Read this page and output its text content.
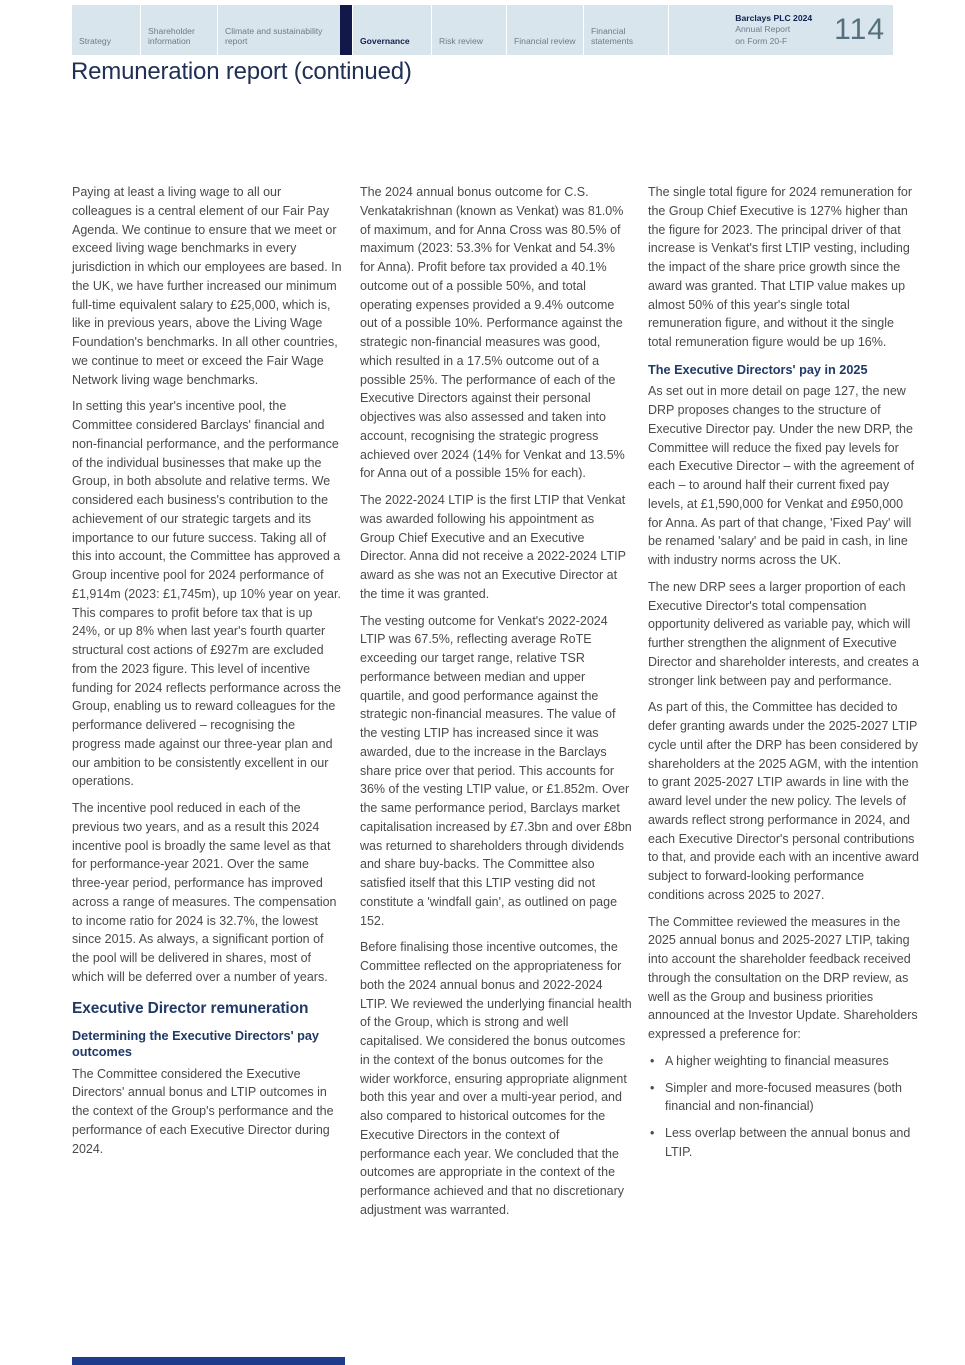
Strategy
Shareholder information
Climate and sustainability report	Governance	Risk review	Financial review
Financial statements
Barclays PLC 2024
Annual Report
on Form 20-F	114
Remuneration report (continued)

Paying at least a living wage to all our colleagues is a central element of our Fair Pay Agenda. We continue to ensure that we meet or exceed living wage benchmarks in every jurisdiction in which our employees are based. In the UK, we have further increased our minimum full-time equivalent salary to £25,000, which is, like in previous years, above the Living Wage Foundation's benchmarks. In all other countries, we continue to meet or exceed the Fair Wage Network living wage benchmarks.

In setting this year's incentive pool, the Committee considered Barclays' financial and non-financial performance, and the performance of the individual businesses that make up the Group, in both absolute and relative terms. We considered each business's contribution to the achievement of our strategic targets and its importance to our future success. Taking all of this into account, the Committee has approved a Group incentive pool for 2024 performance of £1,914m (2023: £1,745m), up 10% year on year. This compares to profit before tax that is up 24%, or up 8% when last year's fourth quarter structural cost actions of £927m are excluded from the 2023 figure. This level of incentive funding for 2024 reflects performance across the Group, enabling us to reward colleagues for the performance delivered – recognising the progress made against our three-year plan and our ambition to be consistently excellent in our operations.

The incentive pool reduced in each of the previous two years, and as a result this 2024 incentive pool is broadly the same level as that for performance-year 2021. Over the same three-year period, performance has improved across a range of measures. The compensation to income ratio for 2024 is 32.7%, the lowest since 2015. As always, a significant portion of the pool will be delivered in shares, most of which will be deferred over a number of years.

Executive Director remuneration
Determining the Executive Directors' pay outcomes

The Committee considered the Executive Directors' annual bonus and LTIP outcomes in the context of the Group's performance and the performance of each Executive Director during 2024.

The 2024 annual bonus outcome for C.S. Venkatakrishnan (known as Venkat) was 81.0% of maximum, and for Anna Cross was 80.5% of maximum (2023: 53.3% for Venkat and 54.3% for Anna). Profit before tax provided a 40.1% outcome out of a possible 50%, and total operating expenses provided a 9.4% outcome out of a possible 10%. Performance against the strategic non-financial measures was good, which resulted in a 17.5% outcome out of a possible 25%. The performance of each of the Executive Directors against their personal objectives was also assessed and taken into account, recognising the strategic progress achieved over 2024 (14% for Venkat and 13.5% for Anna out of a possible 15% for each).

The 2022-2024 LTIP is the first LTIP that Venkat was awarded following his appointment as Group Chief Executive and an Executive Director. Anna did not receive a 2022-2024 LTIP award as she was not an Executive Director at the time it was granted.

The vesting outcome for Venkat's 2022-2024 LTIP was 67.5%, reflecting average RoTE exceeding our target range, relative TSR performance between median and upper quartile, and good performance against the strategic non-financial measures. The value of the vesting LTIP has increased since it was awarded, due to the increase in the Barclays share price over that period. This accounts for 36% of the vesting LTIP value, or £1.852m. Over the same performance period, Barclays market capitalisation increased by £7.3bn and over £8bn was returned to shareholders through dividends and share buy-backs. The Committee also satisfied itself that this LTIP vesting did not constitute a 'windfall gain', as outlined on page 152.

Before finalising those incentive outcomes, the Committee reflected on the appropriateness for both the 2024 annual bonus and 2022-2024 LTIP. We reviewed the underlying financial health of the Group, which is strong and well capitalised. We considered the bonus outcomes in the context of the bonus outcomes for the wider workforce, ensuring appropriate alignment both this year and over a multi-year period, and also compared to historical outcomes for the Executive Directors in the context of performance each year. We concluded that the outcomes are appropriate in the context of the performance achieved and that no discretionary adjustment was warranted.

The single total figure for 2024 remuneration for the Group Chief Executive is 127% higher than the figure for 2023. The principal driver of that increase is Venkat's first LTIP vesting, including the impact of the share price growth since the award was granted. That LTIP value makes up almost 50% of this year's single total remuneration figure, and without it the single total remuneration figure would be up 16%.

The Executive Directors' pay in 2025

As set out in more detail on page 127, the new DRP proposes changes to the structure of Executive Director pay. Under the new DRP, the Committee will reduce the fixed pay levels for each Executive Director – with the agreement of each – to around half their current fixed pay levels, at £1,590,000 for Venkat and £950,000 for Anna. As part of that change, 'Fixed Pay' will be renamed 'salary' and be paid in cash, in line with industry norms across the UK.

The new DRP sees a larger proportion of each Executive Director's total compensation opportunity delivered as variable pay, which will further strengthen the alignment of Executive Director and shareholder interests, and creates a stronger link between pay and performance.

As part of this, the Committee has decided to defer granting awards under the 2025-2027 LTIP cycle until after the DRP has been considered by shareholders at the 2025 AGM, with the intention to grant 2025-2027 LTIP awards in line with the award level under the new policy. The levels of awards reflect strong performance in 2024, and each Executive Director's personal contributions to that, and provide each with an incentive award subject to forward-looking performance conditions across 2025 to 2027.

The Committee reviewed the measures in the 2025 annual bonus and 2025-2027 LTIP, taking into account the shareholder feedback received through the consultation on the DRP review, as well as the Group and business priorities announced at the Investor Update. Shareholders expressed a preference for:

• A higher weighting to financial measures
• Simpler and more-focused measures (both financial and non-financial)
• Less overlap between the annual bonus and LTIP.
